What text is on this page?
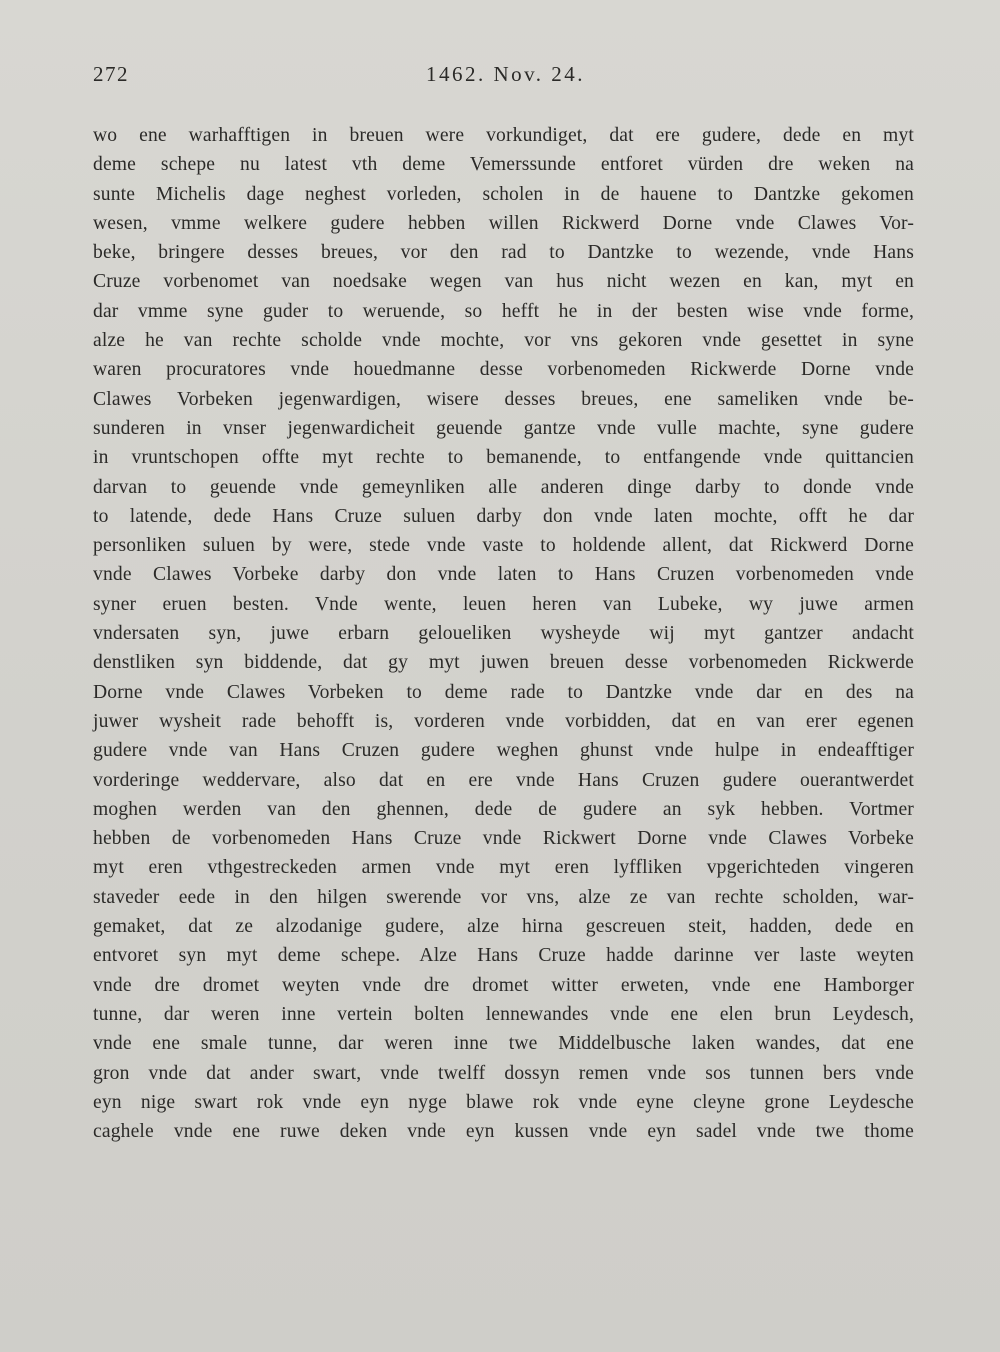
272	1462. Nov. 24.
wo ene warhafftigen in breuen were vorkundiget, dat ere gudere, dede en myt
deme schepe nu latest vth deme Vemerssunde entforet vürden dre weken na
sunte Michelis dage neghest vorleden, scholen in de hauene to Dantzke gekomen
wesen, vmme welkere gudere hebben willen Rickwerd Dorne vnde Clawes Vor-
beke, bringere desses breues, vor den rad to Dantzke to wezende, vnde Hans
Cruze vorbenomet van noedsake wegen van hus nicht wezen en kan, myt en
dar vmme syne guder to weruende, so hefft he in der besten wise vnde forme,
alze he van rechte scholde vnde mochte, vor vns gekoren vnde gesettet in syne
waren procuratores vnde houedmanne desse vorbenomeden Rickwerde Dorne vnde
Clawes Vorbeken jegenwardigen, wisere desses breues, ene sameliken vnde be-
sunderen in vnser jegenwardicheit geuende gantze vnde vulle machte, syne gudere
in vruntschopen offte myt rechte to bemanende, to entfangende vnde quittancien
darvan to geuende vnde gemeynliken alle anderen dinge darby to donde vnde
to latende, dede Hans Cruze suluen darby don vnde laten mochte, offt he dar
personliken suluen by were, stede vnde vaste to holdende allent, dat Rickwerd Dorne
vnde Clawes Vorbeke darby don vnde laten to Hans Cruzen vorbenomeden vnde
syner eruen besten. Vnde wente, leuen heren van Lubeke, wy juwe armen
vndersaten syn, juwe erbarn geloueliken wysheyde wij myt gantzer andacht
denstliken syn biddende, dat gy myt juwen breuen desse vorbenomeden Rickwerde
Dorne vnde Clawes Vorbeken to deme rade to Dantzke vnde dar en des na
juwer wysheit rade behofft is, vorderen vnde vorbidden, dat en van erer egenen
gudere vnde van Hans Cruzen gudere weghen ghunst vnde hulpe in endeafftiger
vorderinge weddervare, also dat en ere vnde Hans Cruzen gudere ouerantwerdet
moghen werden van den ghennen, dede de gudere an syk hebben. Vortmer
hebben de vorbenomeden Hans Cruze vnde Rickwert Dorne vnde Clawes Vorbeke
myt eren vthgestreckeden armen vnde myt eren lyffliken vpgerichteden vingeren
staveder eede in den hilgen swerende vor vns, alze ze van rechte scholden, war-
gemaket, dat ze alzodanige gudere, alze hirna gescreuen steit, hadden, dede en
entvoret syn myt deme schepe. Alze Hans Cruze hadde darinne ver laste weyten
vnde dre dromet weyten vnde dre dromet witter erweten, vnde ene Hamborger
tunne, dar weren inne vertein bolten lennewandes vnde ene elen brun Leydesch,
vnde ene smale tunne, dar weren inne twe Middelbusche laken wandes, dat ene
gron vnde dat ander swart, vnde twelff dossyn remen vnde sos tunnen bers vnde
eyn nige swart rok vnde eyn nyge blawe rok vnde eyne cleyne grone Leydesche
caghele vnde ene ruwe deken vnde eyn kussen vnde eyn sadel vnde twe thome
